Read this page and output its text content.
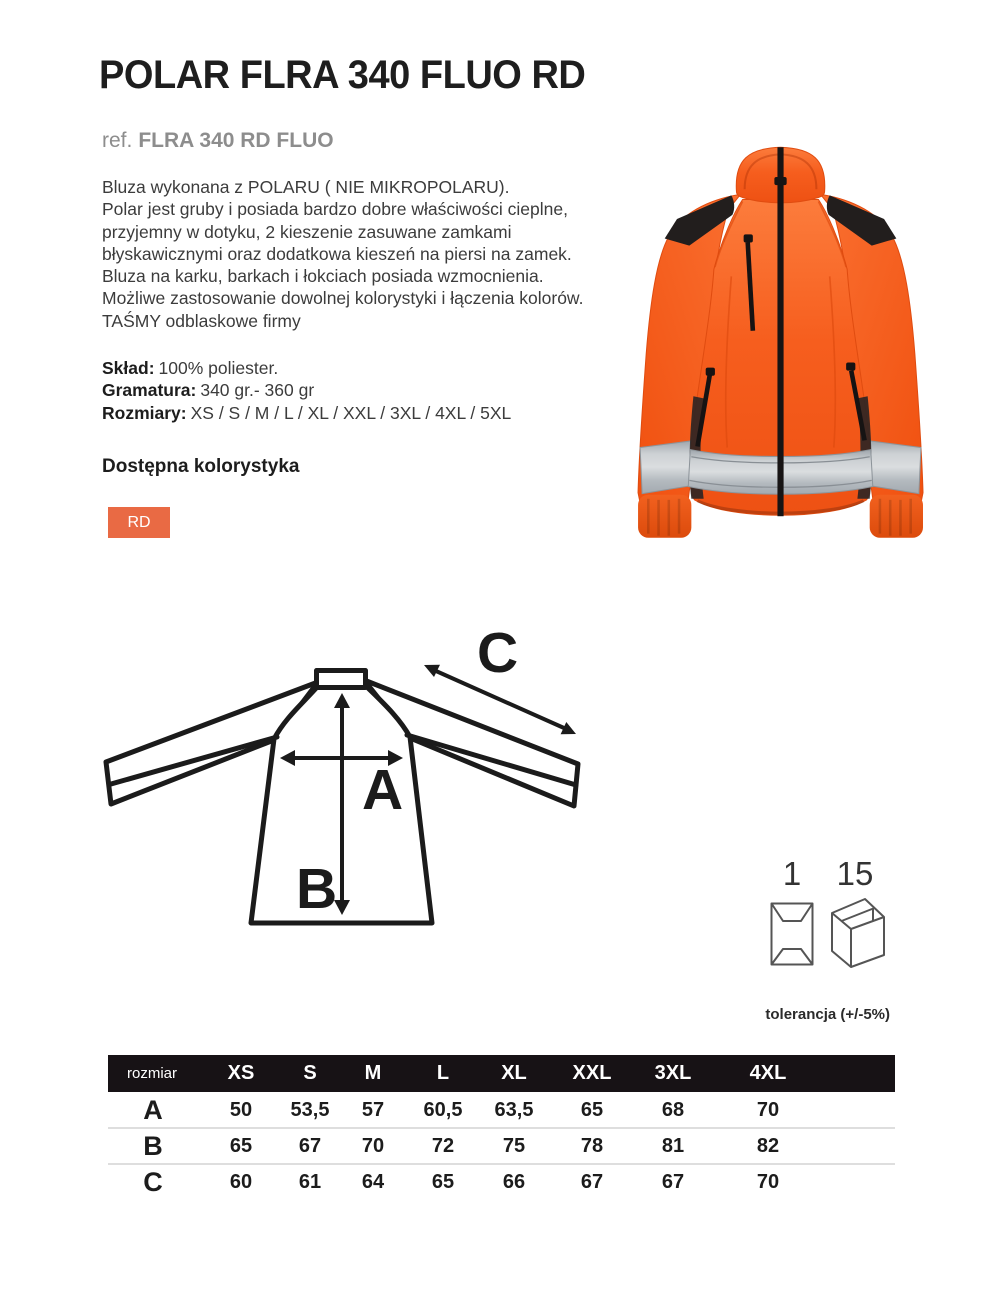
POLAR FLRA 340 FLUO RD
ref. FLRA 340 RD FLUO
Bluza wykonana z POLARU ( NIE MIKROPOLARU).
Polar jest gruby i posiada bardzo dobre właściwości cieplne,
przyjemny w dotyku, 2 kieszenie zasuwane zamkami
błyskawicznymi oraz dodatkowa kieszeń na piersi na zamek.
Bluza na karku, barkach i łokciach posiada wzmocnienia.
Możliwe zastosowanie dowolnej kolorystyki i łączenia kolorów.
TAŚMY odblaskowe firmy
Skład: 100% poliester.
Gramatura: 340 gr.- 360 gr
Rozmiary: XS / S / M / L / XL / XXL / 3XL / 4XL / 5XL
Dostępna kolorystyka
RD
A
B
C
1 15
tolerancja (+/-5%)
rozmiar	XS S M	L	XL XXL 3XL	4XL
A	50 53,5 57 60,5 63,5 65	68	70
B	65 67 70 72 75	78	81	82
C	60 61 64 65 66	67	67	70
